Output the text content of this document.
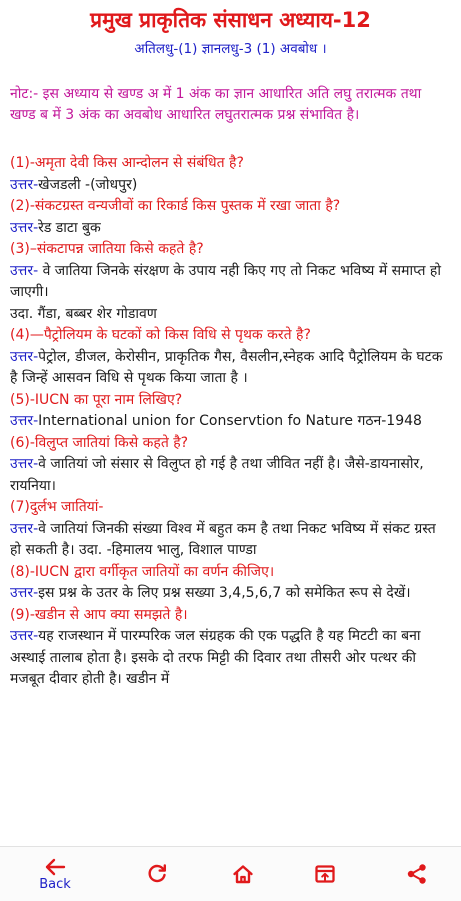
प्रमुख प्राकृतिक संसाधन अध्याय-12
अतिलधु-(1) ज्ञानलधु-3 (1) अवबोध ।

नोट:- इस अध्याय से खण्ड अ में 1 अंक का ज्ञान आधारित अति लघु तरात्मक तथा खण्ड ब में 3 अंक का अवबोध आधारित लघुतरात्मक प्रश्न संभावित है।

(1)-अमृता देवी किस आन्दोलन से संबंधित है?

उत्तर-खेजडली -(जोधपुर)

(2)-संकटग्रस्त वन्यजीवों का रिकार्ड किस पुस्तक में रखा जाता है?

उत्तर-रेड डाटा बुक

(3)–संकटापन्न जातिया किसे कहते है?

उत्तर- वे जातिया जिनके संरक्षण के उपाय नही किए गए तो निकट भविष्य में समाप्त हो जाएगी।

उदा. गैंडा, बब्बर शेर गोडावण

(4)—पैट्रोलियम के घटकों को किस विधि से पृथक करते है?

उत्तर-पेट्रोल, डीजल, केरोसीन, प्राकृतिक गैस, वैसलीन,स्नेहक आदि पैट्रोलियम के घटक है जिन्हें आसवन विधि से पृथक किया जाता है ।

(5)-IUCN का पूरा नाम लिखिए?

उत्तर-International union for Conservtion fo Nature गठन-1948

(6)-विलुप्त जातियां किसे कहते है?

उत्तर-वे जातियां जो संसार से विलुप्त हो गई है तथा जीवित नहीं है। जैसे-डायनासोर, रायनिया।

(7)दुर्लभ जातियां-

उत्तर-वे जातियां जिनकी संख्या विश्व में बहुत कम है तथा निकट भविष्य में संकट ग्रस्त हो सकती है। उदा. -हिमालय भालु, विशाल पाण्डा

(8)-IUCN द्वारा वर्गीकृत जातियों का वर्णन कीजिए।

उत्तर-इस प्रश्न के उतर के लिए प्रश्न सख्या 3,4,5,6,7 को समेकित रूप से देखें।

(9)-खडीन से आप क्या समझते है।

उत्तर-यह राजस्थान में पारम्परिक जल संग्रहक की एक पद्धति है यह मिटटी का बना अस्थाई तालाब होता है। इसके दो तरफ मिट्टी की दिवार तथा तीसरी ओर पत्थर की मजबूत दीवार होती है। खडीन में

Back
